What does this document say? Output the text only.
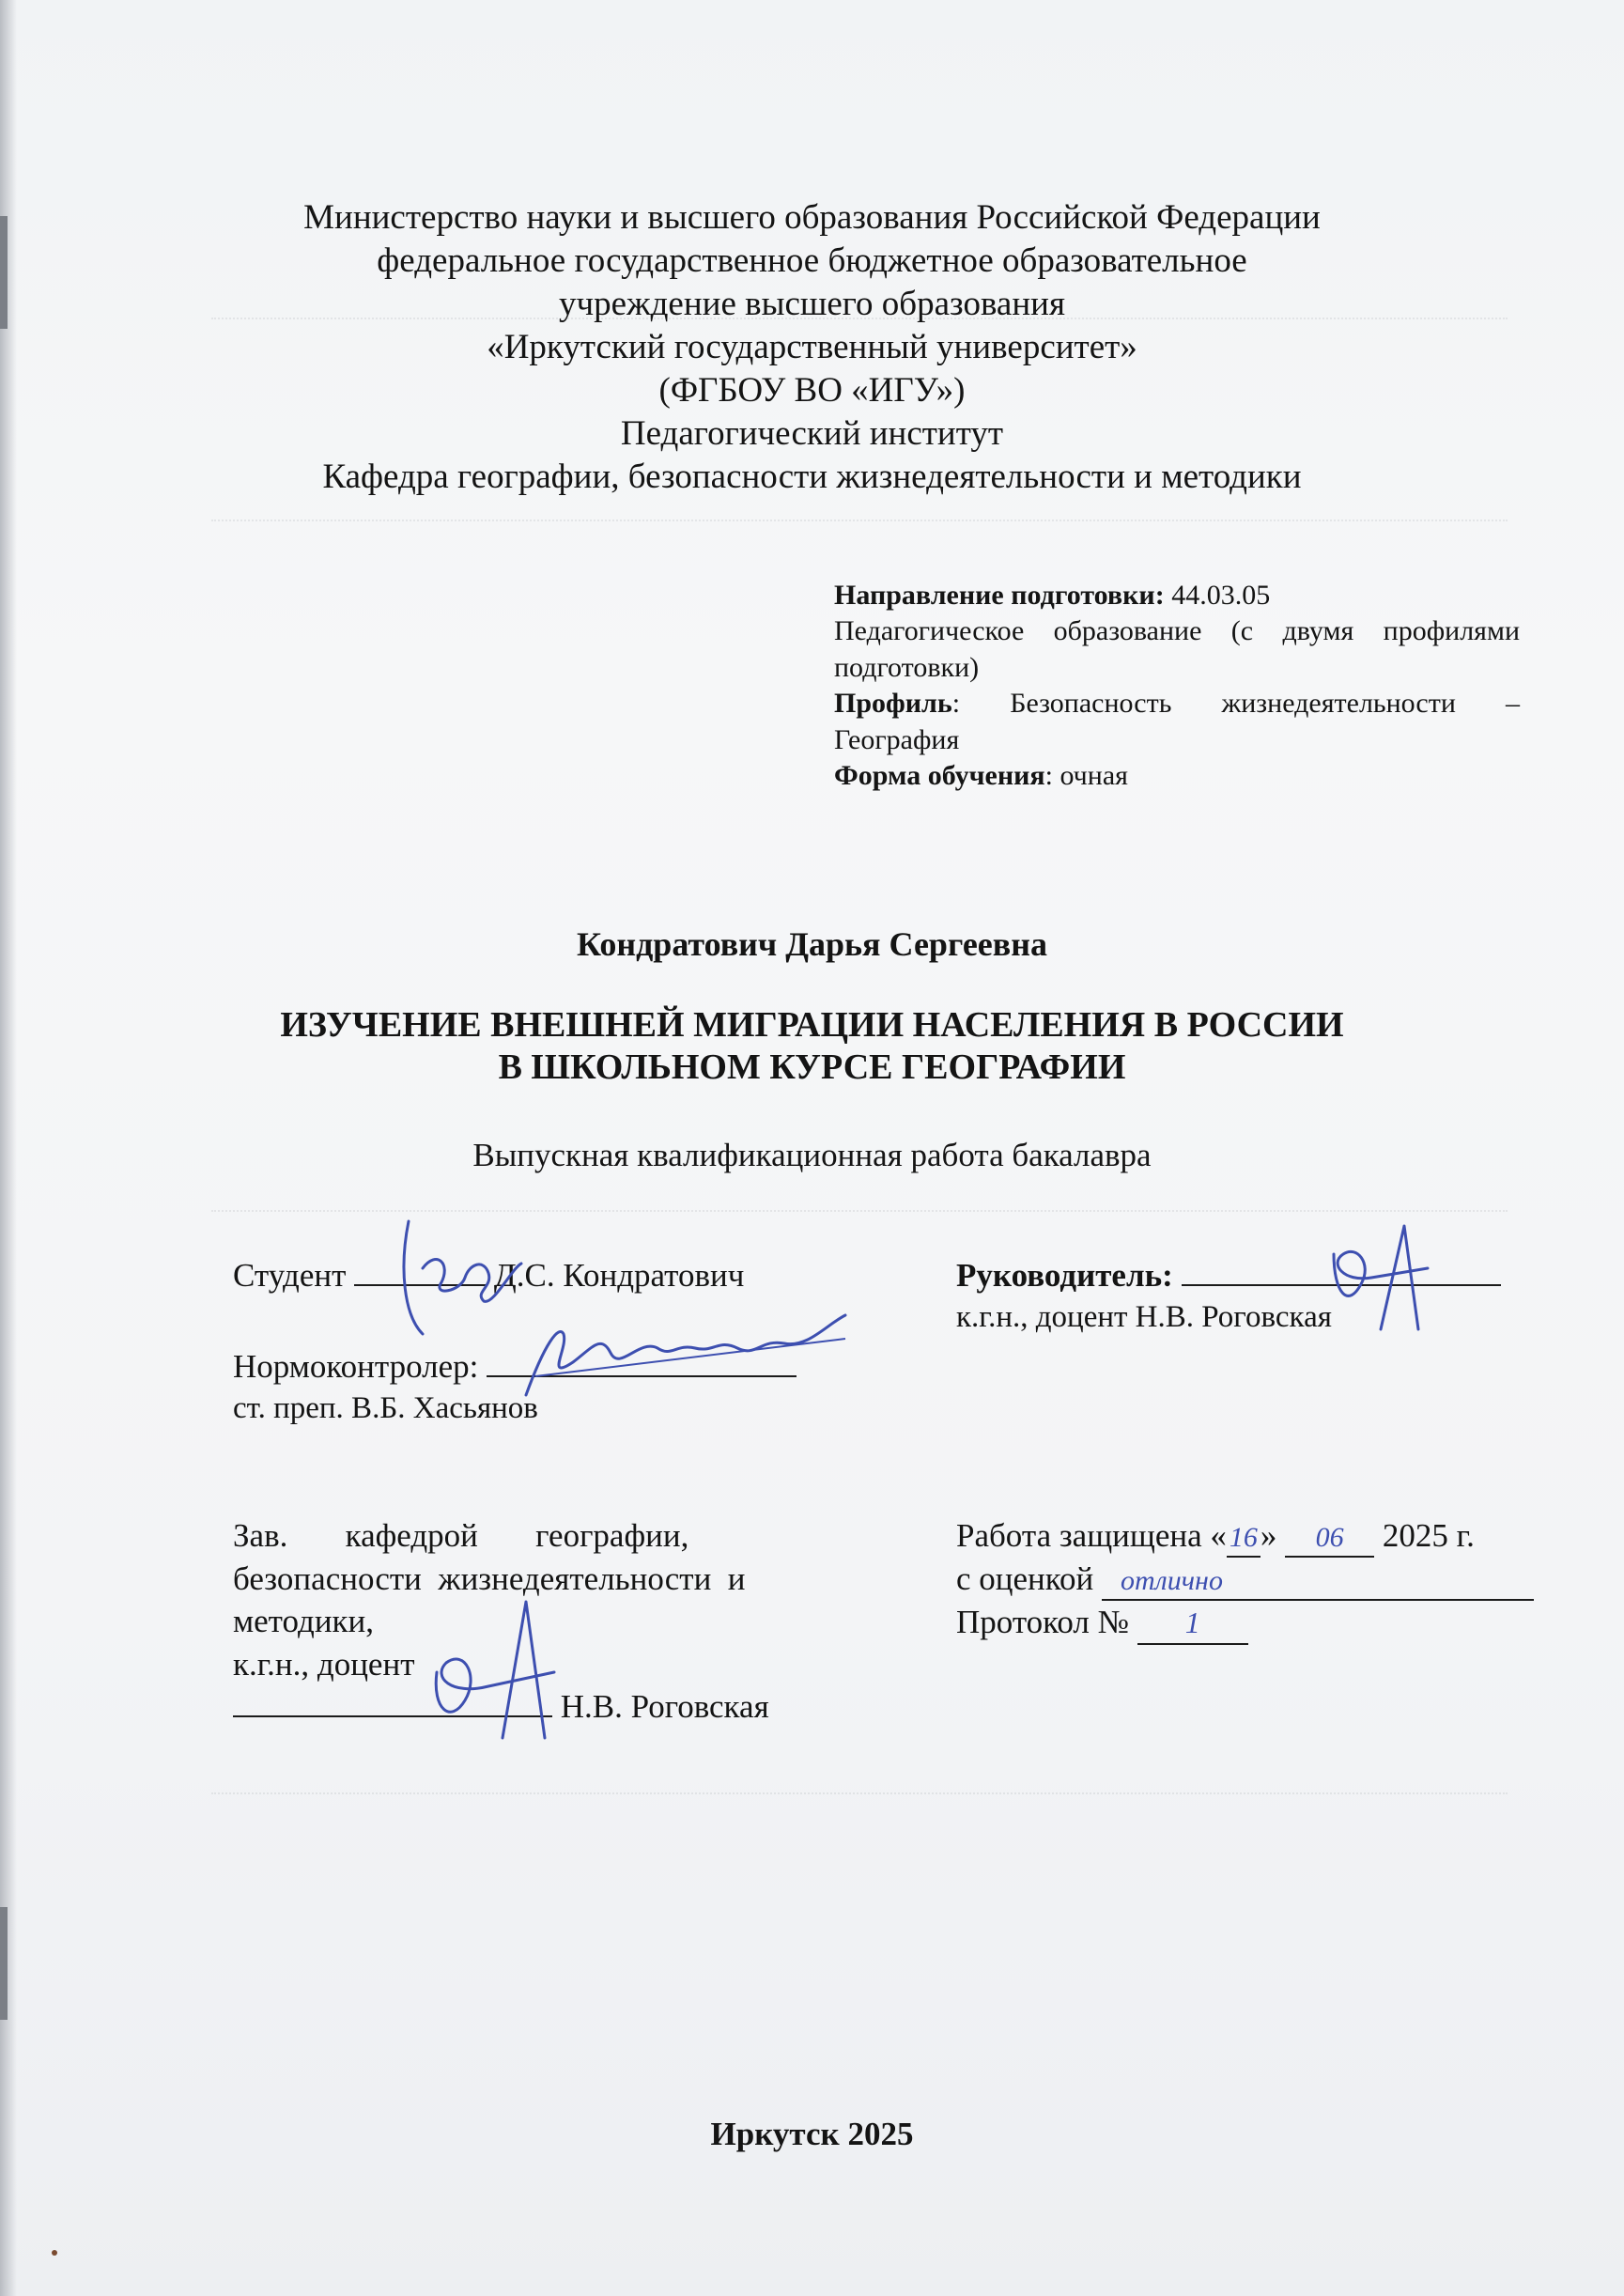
Министерство науки и высшего образования Российской Федерации
федеральное государственное бюджетное образовательное
учреждение высшего образования
«Иркутский государственный университет»
(ФГБОУ ВО «ИГУ»)
Педагогический институт
Кафедра географии, безопасности жизнедеятельности и методики

Направление подготовки: 44.03.05

Педагогическое образование (с двумя профилями подготовки)

Профиль: Безопасность жизнедеятельности – География

Форма обучения: очная

Кондратович Дарья Сергеевна
ИЗУЧЕНИЕ ВНЕШНЕЙ МИГРАЦИИ НАСЕЛЕНИЯ В РОССИИ
В ШКОЛЬНОМ КУРСЕ ГЕОГРАФИИ
Выпускная квалификационная работа бакалавра
Студент	Д.С. Кондратович	Руководитель:
к.г.н., доцент Н.В. Роговская
Нормоконтролер:
ст. преп. В.Б. Хасьянов
Зав.       кафедрой       географии,
безопасности  жизнедеятельности  и
методики,
к.г.н., доцент
Н.В. Роговская
Работа защищена « 16» 06 2025 г.
с оценкой отлично
Протокол № 1
Иркутск 2025
